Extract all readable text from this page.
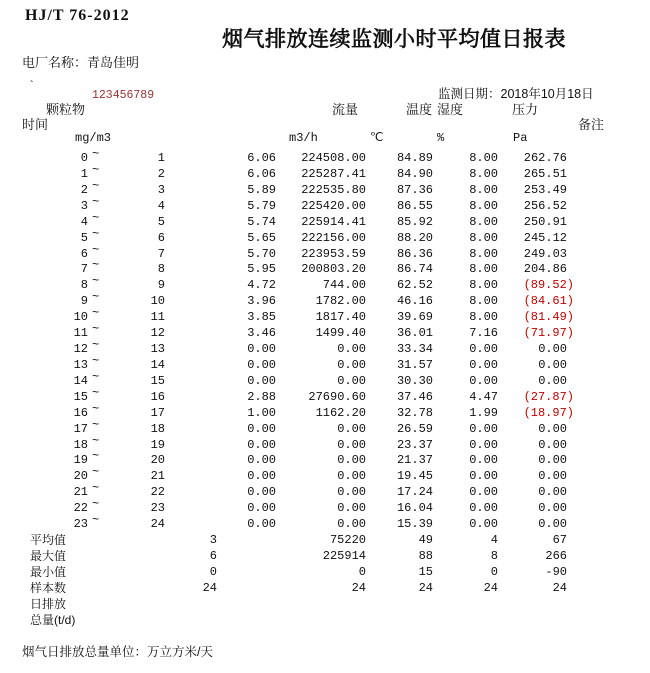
HJ/T 76-2012
烟气排放连续监测小时平均值日报表
电厂名称：青岛佳明
`
123456789	监测日期：2018年10月18日
颗粒物	流量	温度 湿度	压力
时间	备注
mg/m3	m3/h	℃	%	Pa
0 ~	1	6.06 224508.00	84.89	8.00 262.76
1 ~	2	6.06 225287.41	84.90	8.00 265.51
2 ~	3	5.89 222535.80	87.36	8.00 253.49
3 ~	4	5.79 225420.00	86.55	8.00 256.52
4 ~	5	5.74 225914.41	85.92	8.00 250.91
5 ~	6	5.65 222156.00	88.20	8.00 245.12
6 ~	7	5.70 223953.59	86.36	8.00 249.03
7 ~	8	5.95 200803.20	86.74	8.00 204.86
8 ~	9	4.72	744.00	62.52	8.00 (89.52)
9 ~	10	3.96	1782.00	46.16	8.00 (84.61)
10 ~	11	3.85	1817.40	39.69	8.00 (81.49)
11 ~	12	3.46	1499.40	36.01	7.16 (71.97)
12 ~	13	0.00	0.00	33.34	0.00	0.00
13 ~	14	0.00	0.00	31.57	0.00	0.00
14 ~	15	0.00	0.00	30.30	0.00	0.00
15 ~	16	2.88	27690.60	37.46	4.47 (27.87)
16 ~	17	1.00	1162.20	32.78	1.99 (18.97)
17 ~	18	0.00	0.00	26.59	0.00	0.00
18 ~	19	0.00	0.00	23.37	0.00	0.00
19 ~	20	0.00	0.00	21.37	0.00	0.00
20 ~	21	0.00	0.00	19.45	0.00	0.00
21 ~	22	0.00	0.00	17.24	0.00	0.00
22 ~	23	0.00	0.00	16.04	0.00	0.00
23 ~	24	0.00	0.00	15.39	0.00	0.00
平均值	3	75220	49	4	67
最大值	6	225914	88	8	266
最小值	0	0	15	0	-90
样本数	24	24	24	24	24
日排放
总量(t/d)
烟气日排放总量单位：万立方米/天
